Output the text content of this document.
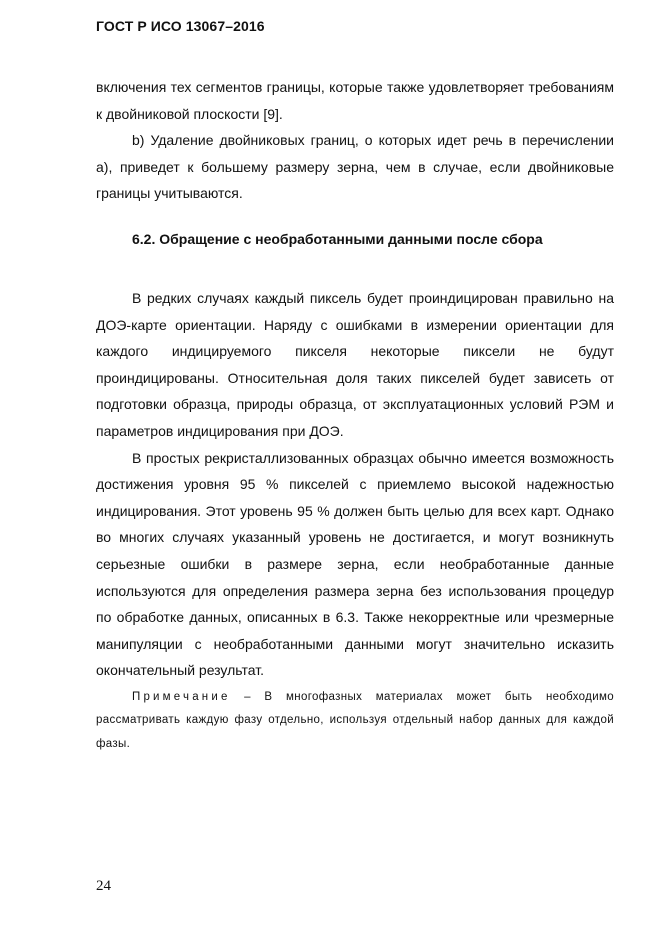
ГОСТ Р ИСО 13067–2016

включения тех сегментов границы, которые также удовлетворяет требованиям к двойниковой плоскости [9].

b) Удаление двойниковых границ, о которых идет речь в перечислении а), приведет к большему размеру зерна, чем в случае, если двойниковые границы учитываются.

6.2. Обращение с необработанными данными после сбора

В редких случаях каждый пиксель будет проиндицирован правильно на ДОЭ-карте ориентации. Наряду с ошибками в измерении ориентации для каждого индицируемого пикселя некоторые пиксели не будут проиндицированы. Относительная доля таких пикселей будет зависеть от подготовки образца, природы образца, от эксплуатационных условий РЭМ и параметров индицирования при ДОЭ.

В простых рекристаллизованных образцах обычно имеется возможность достижения уровня 95 % пикселей с приемлемо высокой надежностью индицирования. Этот уровень 95 % должен быть целью для всех карт. Однако во многих случаях указанный уровень не достигается, и могут возникнуть серьезные ошибки в размере зерна, если необработанные данные используются для определения размера зерна без использования процедур по обработке данных, описанных в 6.3. Также некорректные или чрезмерные манипуляции с необработанными данными могут значительно исказить окончательный результат.

Примечание – В многофазных материалах может быть необходимо рассматривать каждую фазу отдельно, используя отдельный набор данных для каждой фазы.

24
